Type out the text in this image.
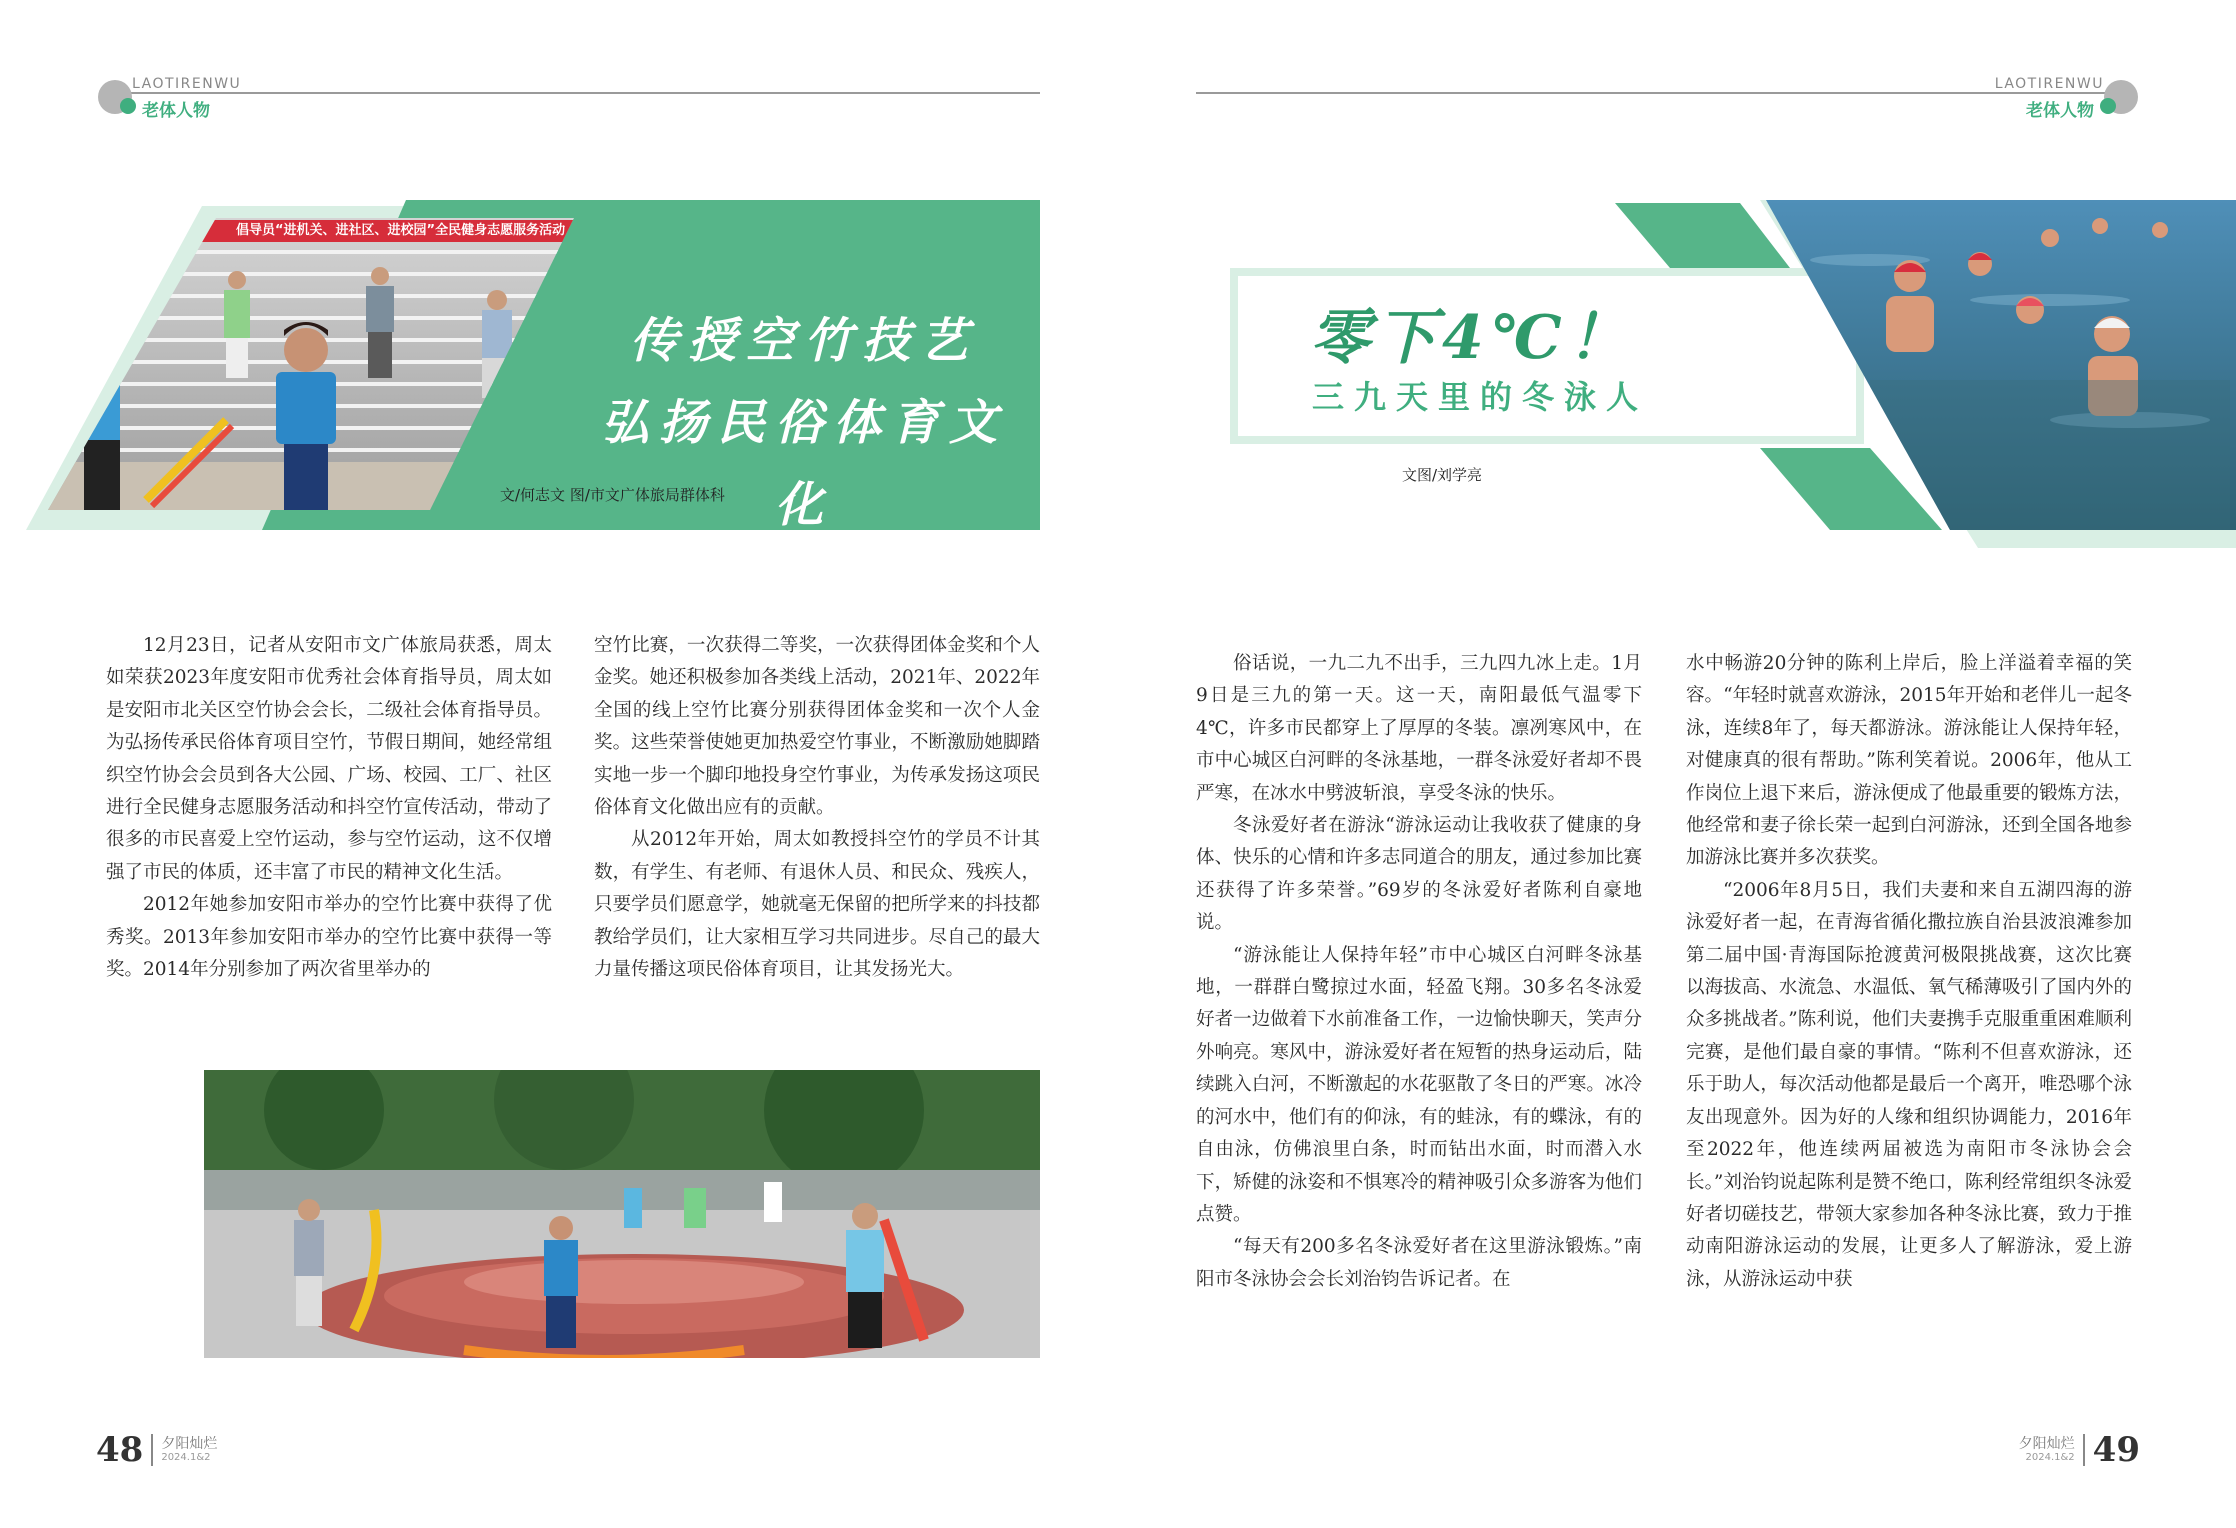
LAOTIRENWU
老体人物
倡导员“进机关、进社区、进校园”全民健身志愿服务活动
传授空竹技艺
弘扬民俗体育文化
文/何志文 图/市文广体旅局群体科

12月23日，记者从安阳市文广体旅局获悉，周太如荣获2023年度安阳市优秀社会体育指导员，周太如是安阳市北关区空竹协会会长，二级社会体育指导员。为弘扬传承民俗体育项目空竹，节假日期间，她经常组织空竹协会会员到各大公园、广场、校园、工厂、社区进行全民健身志愿服务活动和抖空竹宣传活动，带动了很多的市民喜爱上空竹运动，参与空竹运动，这不仅增强了市民的体质，还丰富了市民的精神文化生活。

2012年她参加安阳市举办的空竹比赛中获得了优秀奖。2013年参加安阳市举办的空竹比赛中获得一等奖。2014年分别参加了两次省里举办的

空竹比赛，一次获得二等奖，一次获得团体金奖和个人金奖。她还积极参加各类线上活动，2021年、2022年全国的线上空竹比赛分别获得团体金奖和一次个人金奖。这些荣誉使她更加热爱空竹事业，不断激励她脚踏实地一步一个脚印地投身空竹事业，为传承发扬这项民俗体育文化做出应有的贡献。

从2012年开始，周太如教授抖空竹的学员不计其数，有学生、有老师、有退休人员、和民众、残疾人，只要学员们愿意学，她就毫无保留的把所学来的抖技都教给学员们，让大家相互学习共同进步。尽自己的最大力量传播这项民俗体育项目，让其发扬光大。

48 夕阳灿烂
2024.1&2
LAOTIRENWU
老体人物
零下4℃！
三九天里的冬泳人
文图/刘学亮

俗话说，一九二九不出手，三九四九冰上走。1月9日是三九的第一天。这一天，南阳最低气温零下4℃，许多市民都穿上了厚厚的冬装。凛冽寒风中，在市中心城区白河畔的冬泳基地，一群冬泳爱好者却不畏严寒，在冰水中劈波斩浪，享受冬泳的快乐。

冬泳爱好者在游泳“游泳运动让我收获了健康的身体、快乐的心情和许多志同道合的朋友，通过参加比赛还获得了许多荣誉。”69岁的冬泳爱好者陈利自豪地说。

“游泳能让人保持年轻”市中心城区白河畔冬泳基地，一群群白鹭掠过水面，轻盈飞翔。30多名冬泳爱好者一边做着下水前准备工作，一边愉快聊天，笑声分外响亮。寒风中，游泳爱好者在短暂的热身运动后，陆续跳入白河，不断激起的水花驱散了冬日的严寒。冰冷的河水中，他们有的仰泳，有的蛙泳，有的蝶泳，有的自由泳，仿佛浪里白条，时而钻出水面，时而潜入水下，矫健的泳姿和不惧寒冷的精神吸引众多游客为他们点赞。

“每天有200多名冬泳爱好者在这里游泳锻炼。”南阳市冬泳协会会长刘治钧告诉记者。在

水中畅游20分钟的陈利上岸后，脸上洋溢着幸福的笑容。“年轻时就喜欢游泳，2015年开始和老伴儿一起冬泳，连续8年了，每天都游泳。游泳能让人保持年轻，对健康真的很有帮助。”陈利笑着说。2006年，他从工作岗位上退下来后，游泳便成了他最重要的锻炼方法，他经常和妻子徐长荣一起到白河游泳，还到全国各地参加游泳比赛并多次获奖。

“2006年8月5日，我们夫妻和来自五湖四海的游泳爱好者一起，在青海省循化撒拉族自治县波浪滩参加第二届中国·青海国际抢渡黄河极限挑战赛，这次比赛以海拔高、水流急、水温低、氧气稀薄吸引了国内外的众多挑战者。”陈利说，他们夫妻携手克服重重困难顺利完赛，是他们最自豪的事情。“陈利不但喜欢游泳，还乐于助人，每次活动他都是最后一个离开，唯恐哪个泳友出现意外。因为好的人缘和组织协调能力，2016年至2022年，他连续两届被选为南阳市冬泳协会会长。”刘治钧说起陈利是赞不绝口，陈利经常组织冬泳爱好者切磋技艺，带领大家参加各种冬泳比赛，致力于推动南阳游泳运动的发展，让更多人了解游泳，爱上游泳，从游泳运动中获

夕阳灿烂
2024.1&2 49
